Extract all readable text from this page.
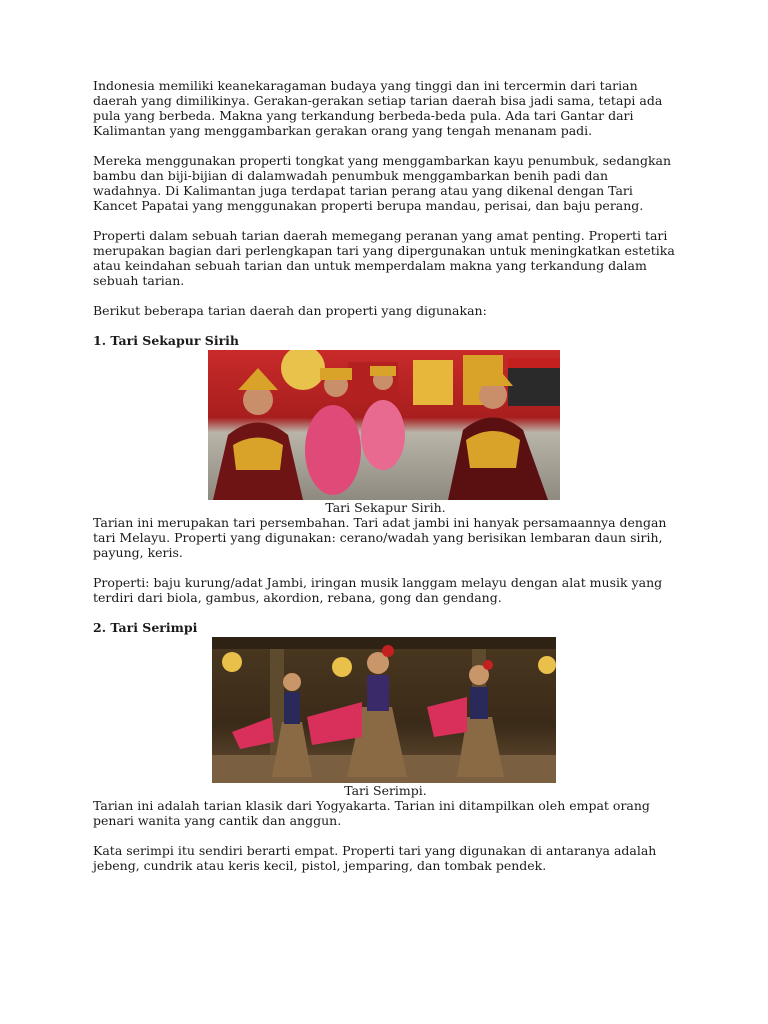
Indonesia memiliki keanekaragaman budaya yang tinggi dan ini tercermin dari tarian daerah yang dimilikinya. Gerakan-gerakan setiap tarian daerah bisa jadi sama, tetapi ada pula yang berbeda. Makna yang terkandung berbeda-beda pula. Ada tari Gantar dari Kalimantan yang menggambarkan gerakan orang yang tengah menanam padi.

Mereka menggunakan properti tongkat yang menggambarkan kayu penumbuk, sedangkan bambu dan biji-bijian di dalamwadah penumbuk menggambarkan benih padi dan wadahnya. Di Kalimantan juga terdapat tarian perang atau yang dikenal dengan Tari Kancet Papatai yang menggunakan properti berupa mandau, perisai, dan baju perang.

Properti dalam sebuah tarian daerah memegang peranan yang amat penting. Properti tari merupakan bagian dari perlengkapan tari yang dipergunakan untuk meningkatkan estetika atau keindahan sebuah tarian dan untuk memperdalam makna yang terkandung dalam sebuah tarian.

Berikut beberapa tarian daerah dan properti yang digunakan:

1. Tari Sekapur Sirih

Tari Sekapur Sirih.

Tarian ini merupakan tari persembahan. Tari adat jambi ini hanyak persamaannya dengan tari Melayu. Properti yang digunakan: cerano/wadah yang berisikan lembaran daun sirih, payung, keris.

Properti: baju kurung/adat Jambi, iringan musik langgam melayu dengan alat musik yang terdiri dari biola, gambus, akordion, rebana, gong dan gendang.

2. Tari Serimpi

Tari Serimpi.

Tarian ini adalah tarian klasik dari Yogyakarta. Tarian ini ditampilkan oleh empat orang penari wanita yang cantik dan anggun.

Kata serimpi itu sendiri berarti empat. Properti tari yang digunakan di antaranya adalah jebeng, cundrik atau keris kecil, pistol, jemparing, dan tombak pendek.
